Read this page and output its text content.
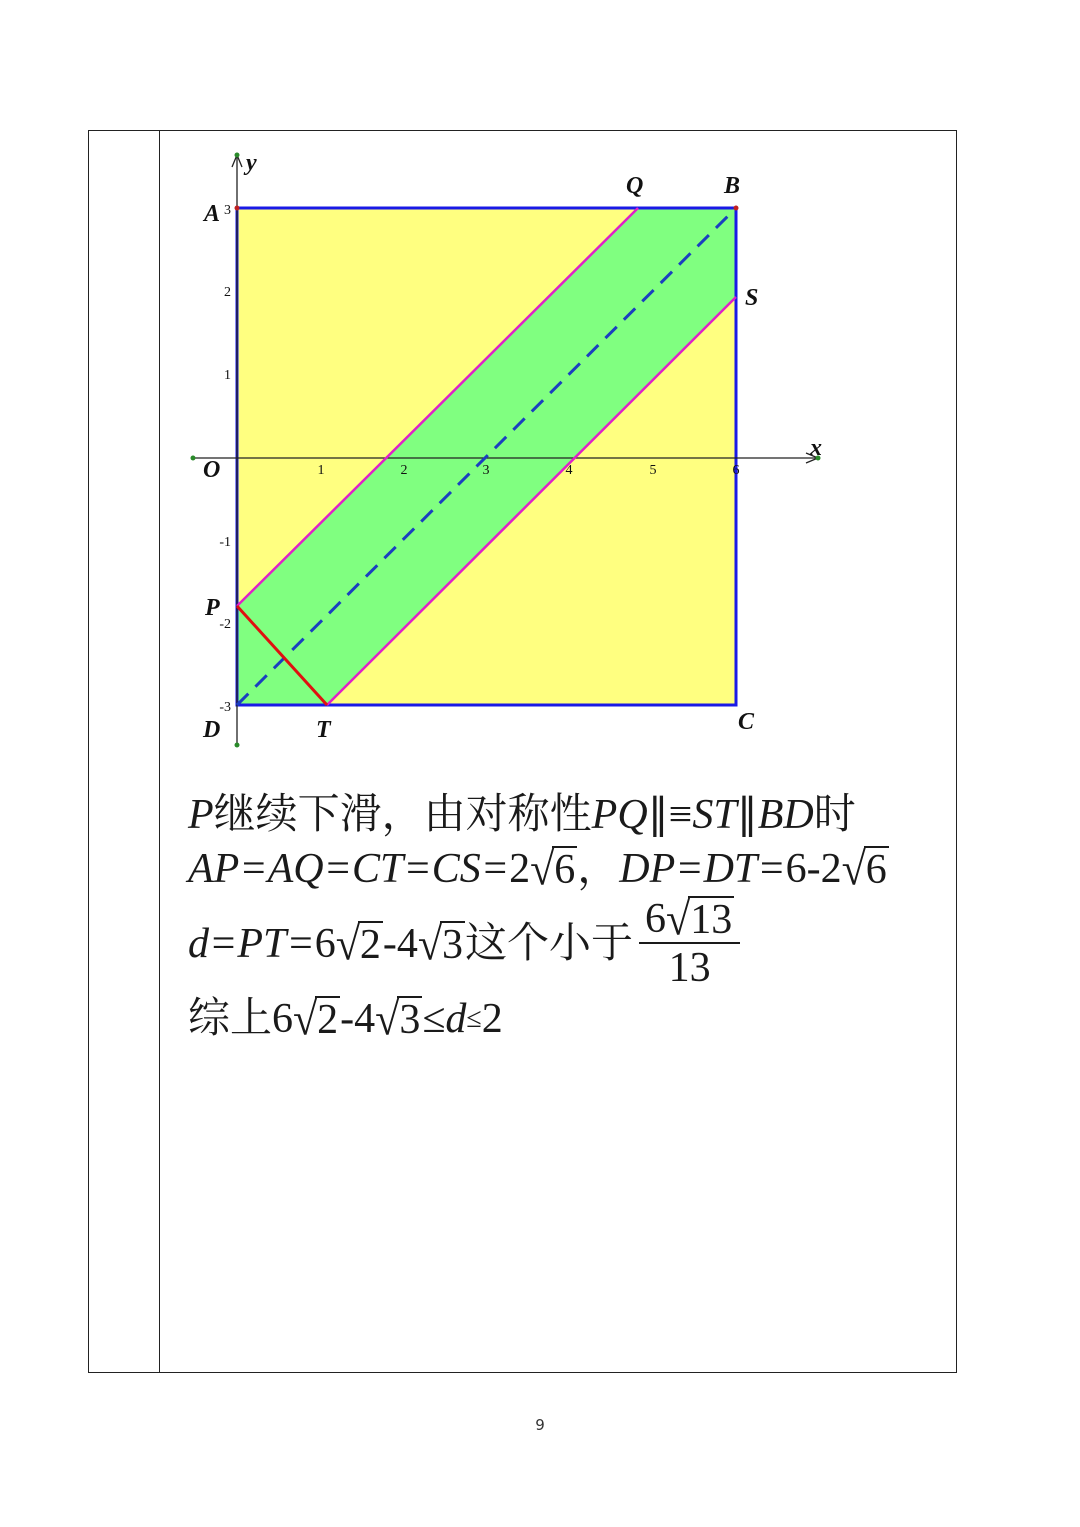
1	2	3	4	5	6
3
2
1
-1
-2
-3
y
x
O
A
B
C
D
P
Q
S
T
P 继续下滑，由对称性 PQ ∥≡ ST ∥ BD 时
AP=AQ=CT=CS= 2 √ 6 ， DP=DT= 6-2 √ 6
d=PT= 6 √ 2 -4 √ 3 这个小于 $\frac{6 √ 13}{13}$
综上 6 √ 2 -4 √ 3 ≤ d ≤ 2
9
